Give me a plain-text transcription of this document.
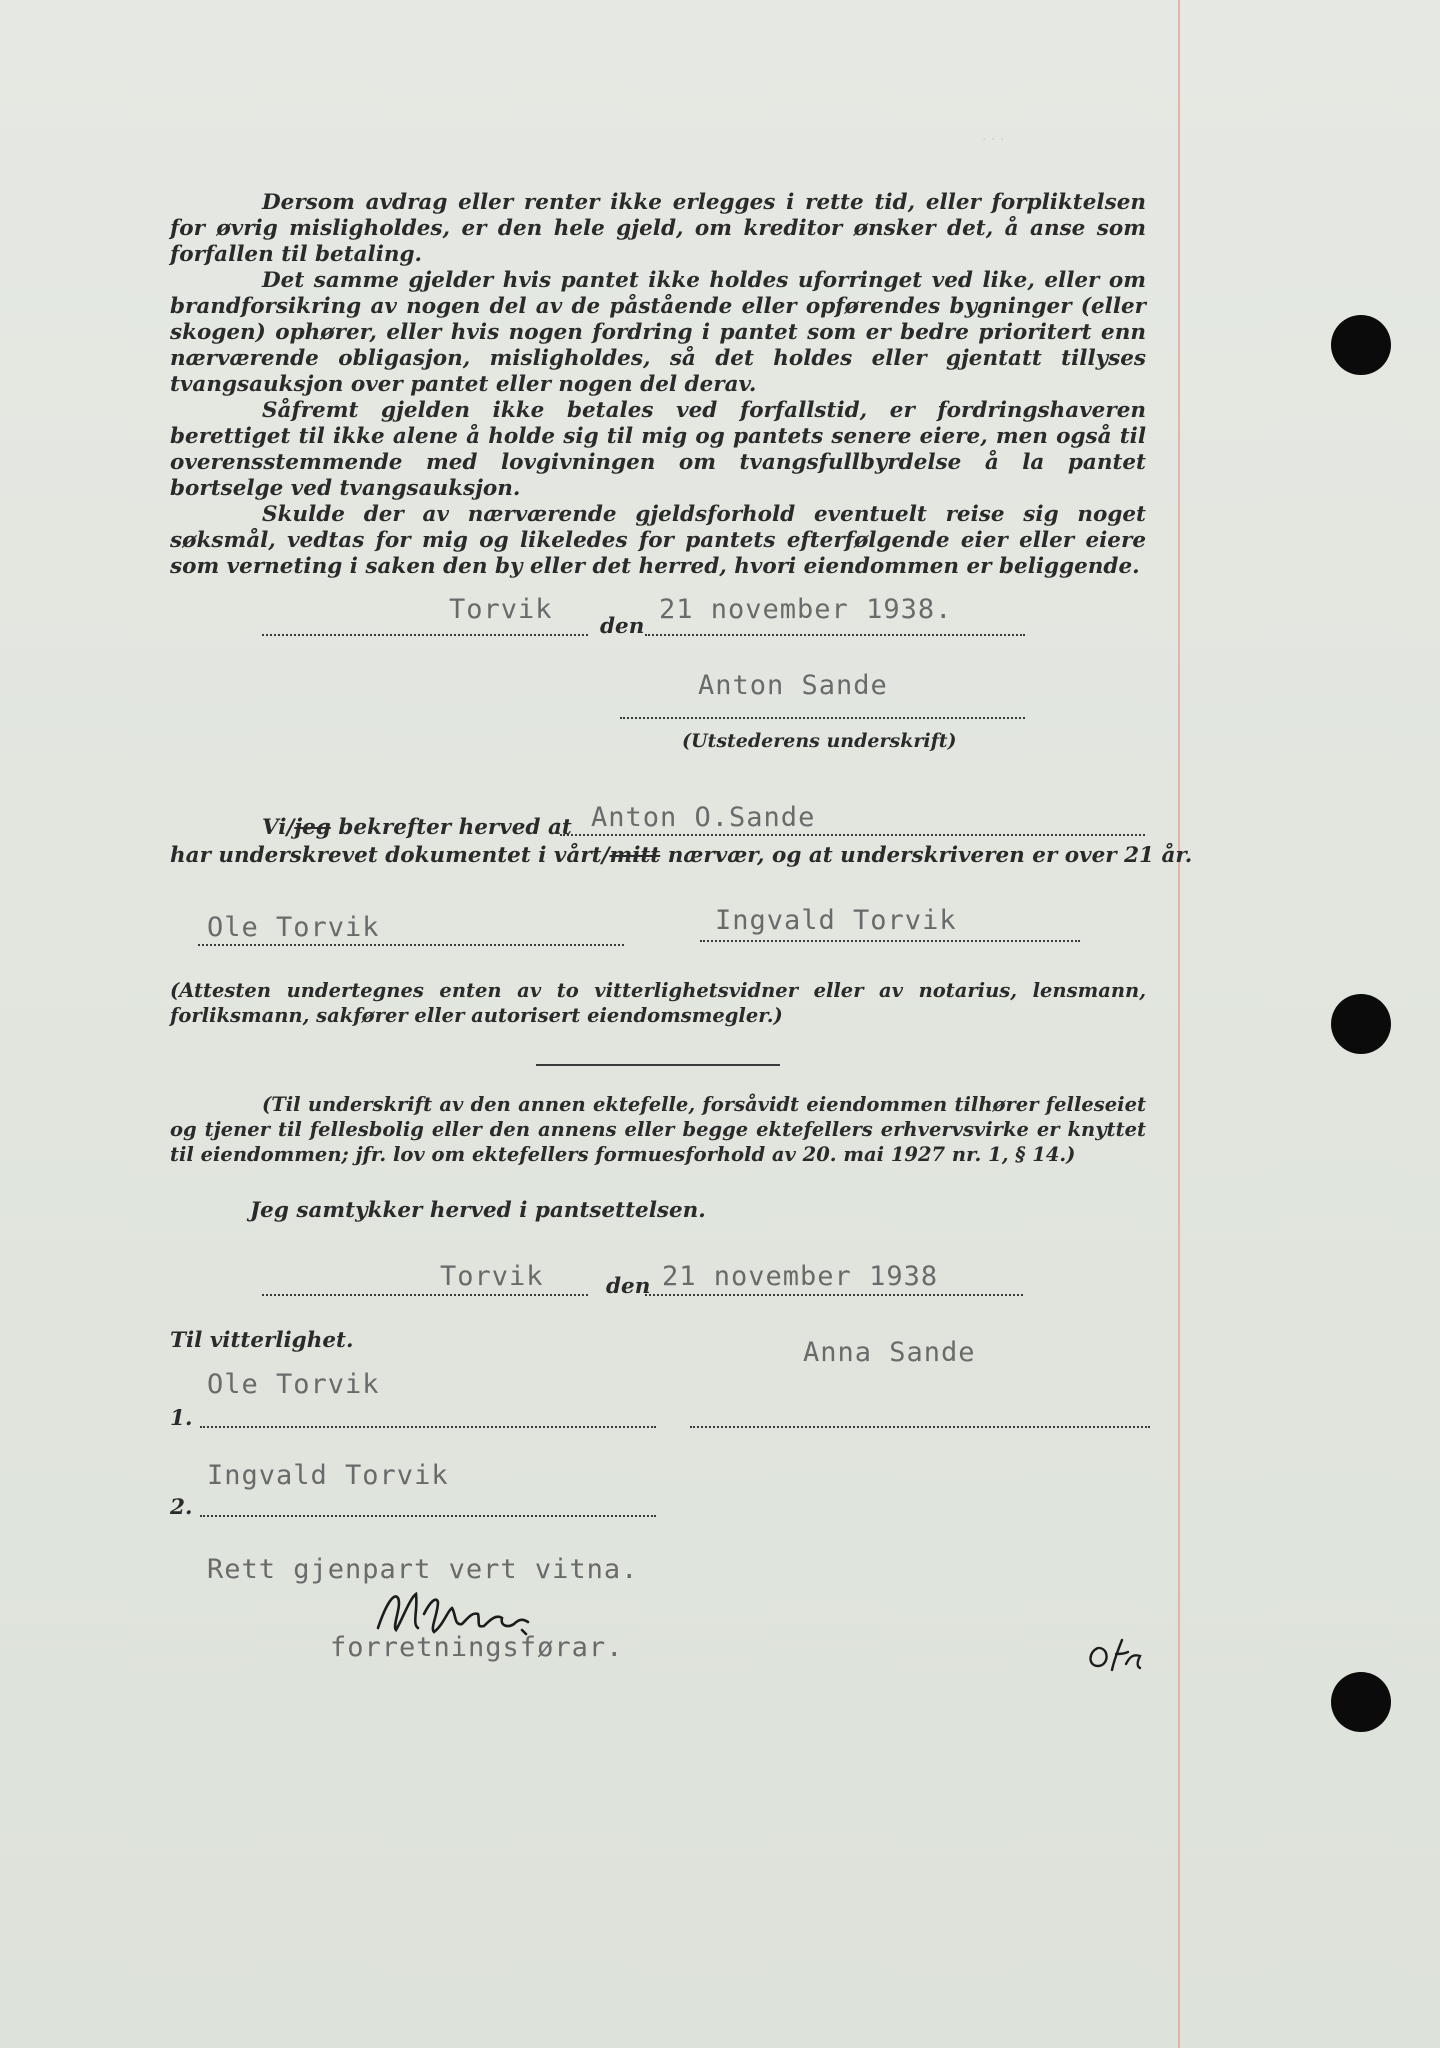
· · ·

Dersom avdrag eller renter ikke erlegges i rette tid, eller forpliktelsen for øvrig misligholdes, er den hele gjeld, om kreditor ønsker det, å anse som forfallen til betaling.

Det samme gjelder hvis pantet ikke holdes uforringet ved like, eller om brandforsikring av nogen del av de påstående eller opførendes bygninger (eller skogen) ophører, eller hvis nogen fordring i pantet som er bedre prioritert enn nærværende obligasjon, misligholdes, så det holdes eller gjentatt tillyses tvangsauksjon over pantet eller nogen del derav.

Såfremt gjelden ikke betales ved forfallstid, er fordringshaveren berettiget til ikke alene å holde sig til mig og pantets senere eiere, men også til overensstemmende med lovgivningen om tvangsfullbyrdelse å la pantet bortselge ved tvangsauksjon.

Skulde der av nærværende gjeldsforhold eventuelt reise sig noget søksmål, vedtas for mig og likeledes for pantets efterfølgende eier eller eiere som verneting i saken den by eller det herred, hvori eiendommen er beliggende.

Torvik
den
21 november 1938.
Anton Sande
(Utstederens underskrift)
Vi/jeg bekrefter herved at Anton O.Sande
har underskrevet dokumentet i vårt/mitt nærvær, og at underskriveren er over 21 år.
Ole Torvik	Ingvald Torvik
(Attesten undertegnes enten av to vitterlighetsvidner eller av notarius, lensmann, forliksmann, sakfører eller autorisert eiendomsmegler.)
(Til underskrift av den annen ektefelle, forsåvidt eiendommen tilhører felleseiet og tjener til fellesbolig eller den annens eller begge ektefellers erhvervsvirke er knyttet til eiendommen; jfr. lov om ektefellers formuesforhold av 20. mai 1927 nr. 1, § 14.)
Jeg samtykker herved i pantsettelsen.
Torvik	den 21 november 1938
Til vitterlighet.	Anna Sande
Ole Torvik
1.
Ingvald Torvik
2.
Rett gjenpart vert vitna.
forretningsførar.
Ofr.
